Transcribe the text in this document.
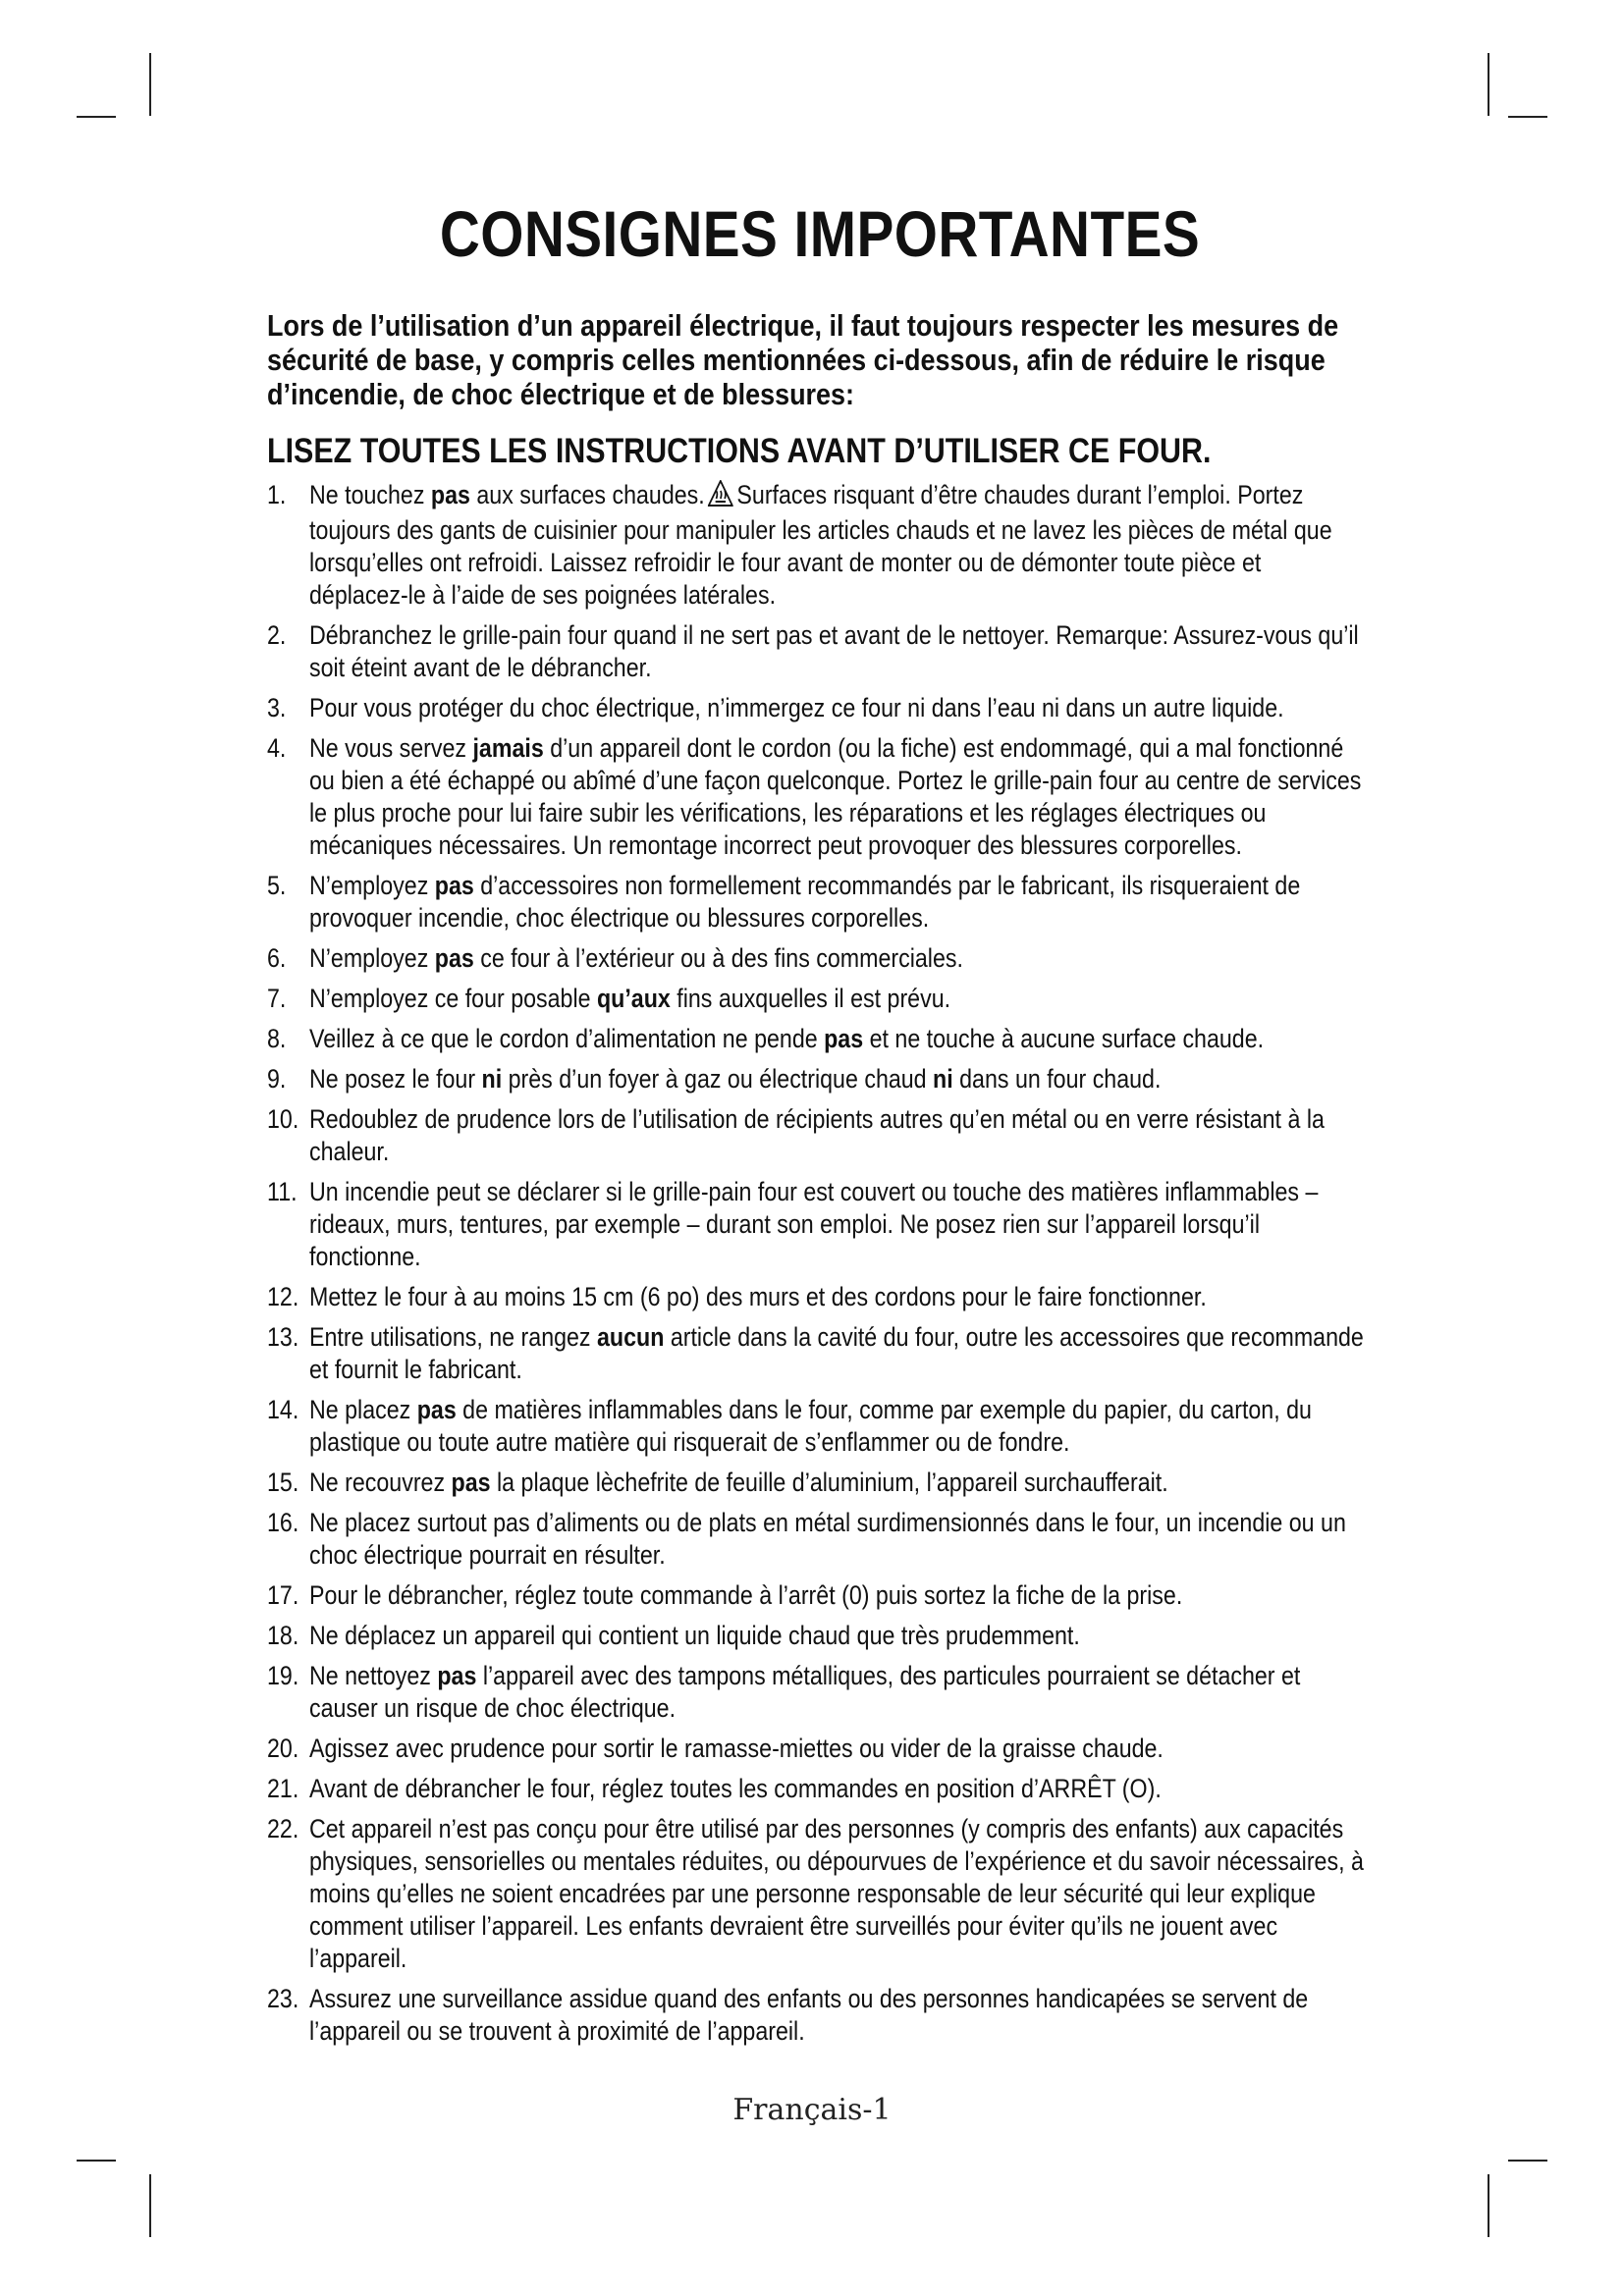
CONSIGNES IMPORTANTES

Lors de l’utilisation d’un appareil électrique, il faut toujours respecter les mesures de sécurité de base, y compris celles mentionnées ci-dessous, afin de réduire le risque d’incendie, de choc électrique et de blessures:

LISEZ TOUTES LES INSTRUCTIONS AVANT D’UTILISER CE FOUR.
1. Ne touchez pas aux surfaces chaudes. Surfaces risquant d’être chaudes durant l’emploi. Portez toujours des gants de cuisinier pour manipuler les articles chauds et ne lavez les pièces de métal que lorsqu’elles ont refroidi. Laissez refroidir le four avant de monter ou de démonter toute pièce et déplacez-le à l’aide de ses poignées latérales.
2. Débranchez le grille-pain four quand il ne sert pas et avant de le nettoyer. Remarque: Assurez-vous qu’il soit éteint avant de le débrancher.
3. Pour vous protéger du choc électrique, n’immergez ce four ni dans l’eau ni dans un autre liquide.
4. Ne vous servez jamais d’un appareil dont le cordon (ou la fiche) est endommagé, qui a mal fonctionné ou bien a été échappé ou abîmé d’une façon quelconque. Portez le grille-pain four au centre de services le plus proche pour lui faire subir les vérifications, les réparations et les réglages électriques ou mécaniques nécessaires. Un remontage incorrect peut provoquer des blessures corporelles.
5. N’employez pas d’accessoires non formellement recommandés par le fabricant, ils risqueraient de provoquer incendie, choc électrique ou blessures corporelles.
6. N’employez pas ce four à l’extérieur ou à des fins commerciales.
7. N’employez ce four posable qu’aux fins auxquelles il est prévu.
8. Veillez à ce que le cordon d’alimentation ne pende pas et ne touche à aucune surface chaude.
9. Ne posez le four ni près d’un foyer à gaz ou électrique chaud ni dans un four chaud.
10. Redoublez de prudence lors de l’utilisation de récipients autres qu’en métal ou en verre résistant à la chaleur.
11. Un incendie peut se déclarer si le grille-pain four est couvert ou touche des matières inflammables – rideaux, murs, tentures, par exemple – durant son emploi. Ne posez rien sur l’appareil lorsqu’il fonctionne.
12. Mettez le four à au moins 15 cm (6 po) des murs et des cordons pour le faire fonctionner.
13. Entre utilisations, ne rangez aucun article dans la cavité du four, outre les accessoires que recommande et fournit le fabricant.
14. Ne placez pas de matières inflammables dans le four, comme par exemple du papier, du carton, du plastique ou toute autre matière qui risquerait de s’enflammer ou de fondre.
15. Ne recouvrez pas la plaque lèchefrite de feuille d’aluminium, l’appareil surchaufferait.
16. Ne placez surtout pas d’aliments ou de plats en métal surdimensionnés dans le four, un incendie ou un choc électrique pourrait en résulter.
17. Pour le débrancher, réglez toute commande à l’arrêt (0) puis sortez la fiche de la prise.
18. Ne déplacez un appareil qui contient un liquide chaud que très prudemment.
19. Ne nettoyez pas l’appareil avec des tampons métalliques, des particules pourraient se détacher et causer un risque de choc électrique.
20. Agissez avec prudence pour sortir le ramasse-miettes ou vider de la graisse chaude.
21. Avant de débrancher le four, réglez toutes les commandes en position d’ARRÊT (O).
22. Cet appareil n’est pas conçu pour être utilisé par des personnes (y compris des enfants) aux capacités physiques, sensorielles ou mentales réduites, ou dépourvues de l’expérience et du savoir nécessaires, à moins qu’elles ne soient encadrées par une personne responsable de leur sécurité qui leur explique comment utiliser l’appareil. Les enfants devraient être surveillés pour éviter qu’ils ne jouent avec l’appareil.
23. Assurez une surveillance assidue quand des enfants ou des personnes handicapées se servent de l’appareil ou se trouvent à proximité de l’appareil.
Français-1
